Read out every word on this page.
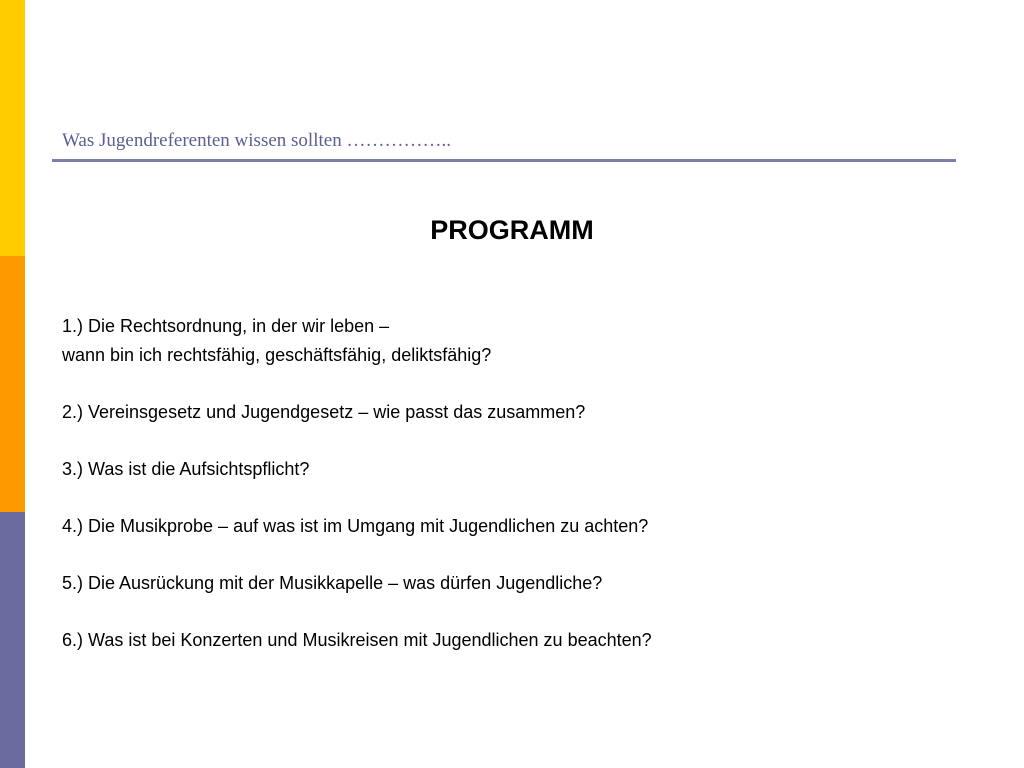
Was Jugendreferenten wissen sollten ……………..
PROGRAMM
1.) Die Rechtsordnung, in der wir leben –
wann bin ich rechtsfähig, geschäftsfähig, deliktsfähig?
2.) Vereinsgesetz und Jugendgesetz – wie passt das zusammen?
3.) Was ist die Aufsichtspflicht?
4.) Die Musikprobe – auf was ist im Umgang mit Jugendlichen zu achten?
5.) Die Ausrückung mit der Musikkapelle – was dürfen Jugendliche?
6.) Was ist bei Konzerten und Musikreisen mit Jugendlichen zu beachten?
